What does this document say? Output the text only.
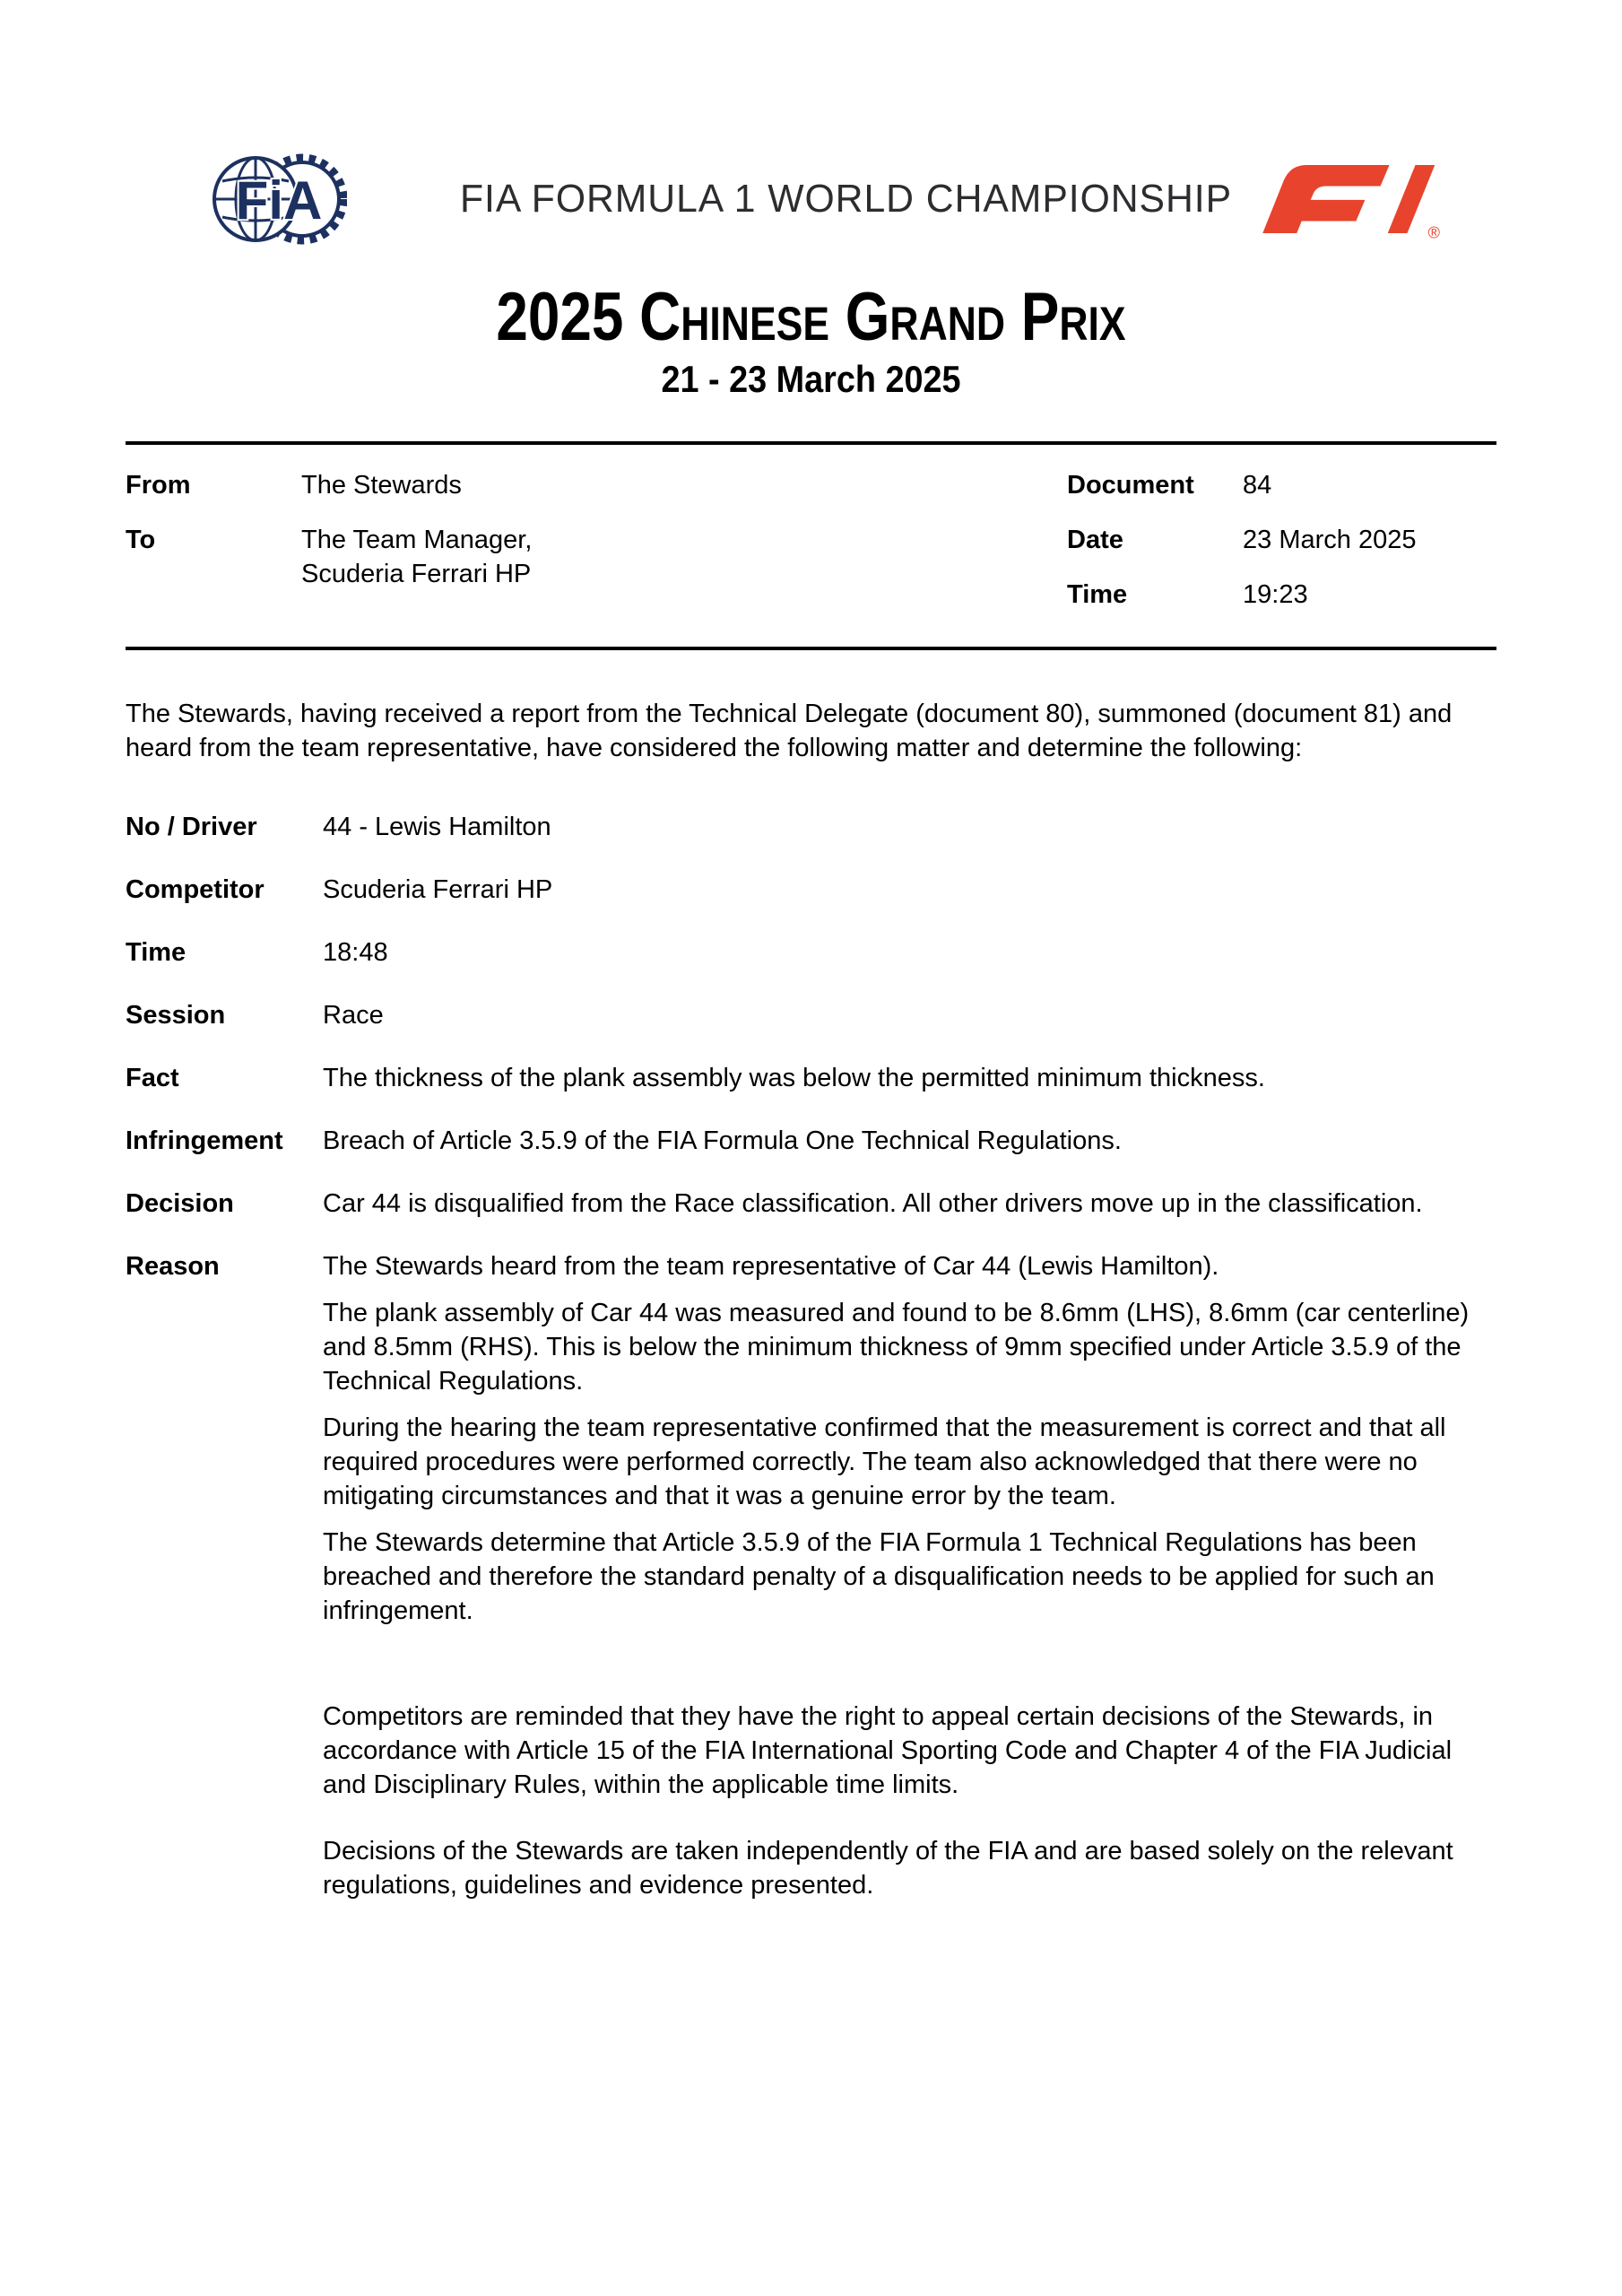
FiA	FIA FORMULA 1 WORLD CHAMPIONSHIP
®
2025 Chinese Grand Prix
21 - 23 March 2025
From	The Stewards
To	The Team Manager,
Scuderia Ferrari HP
Document	84
Date	23 March 2025
Time	19:23

The Stewards, having received a report from the Technical Delegate (document 80), summoned (document 81) and heard from the team representative, have considered the following matter and determine the following:

No / Driver	44 - Lewis Hamilton
Competitor	Scuderia Ferrari HP
Time	18:48
Session	Race
Fact	The thickness of the plank assembly was below the permitted minimum thickness.
Infringement	Breach of Article 3.5.9 of the FIA Formula One Technical Regulations.
Decision	Car 44 is disqualified from the Race classification. All other drivers move up in the classification.
Reason	The Stewards heard from the team representative of Car 44 (Lewis Hamilton).

The plank assembly of Car 44 was measured and found to be 8.6mm (LHS), 8.6mm (car centerline) and 8.5mm (RHS). This is below the minimum thickness of 9mm specified under Article 3.5.9 of the Technical Regulations.

During the hearing the team representative confirmed that the measurement is correct and that all required procedures were performed correctly. The team also acknowledged that there were no mitigating circumstances and that it was a genuine error by the team.

The Stewards determine that Article 3.5.9 of the FIA Formula 1 Technical Regulations has been breached and therefore the standard penalty of a disqualification needs to be applied for such an infringement.

Competitors are reminded that they have the right to appeal certain decisions of the Stewards, in accordance with Article 15 of the FIA International Sporting Code and Chapter 4 of the FIA Judicial and Disciplinary Rules, within the applicable time limits.

Decisions of the Stewards are taken independently of the FIA and are based solely on the relevant regulations, guidelines and evidence presented.
